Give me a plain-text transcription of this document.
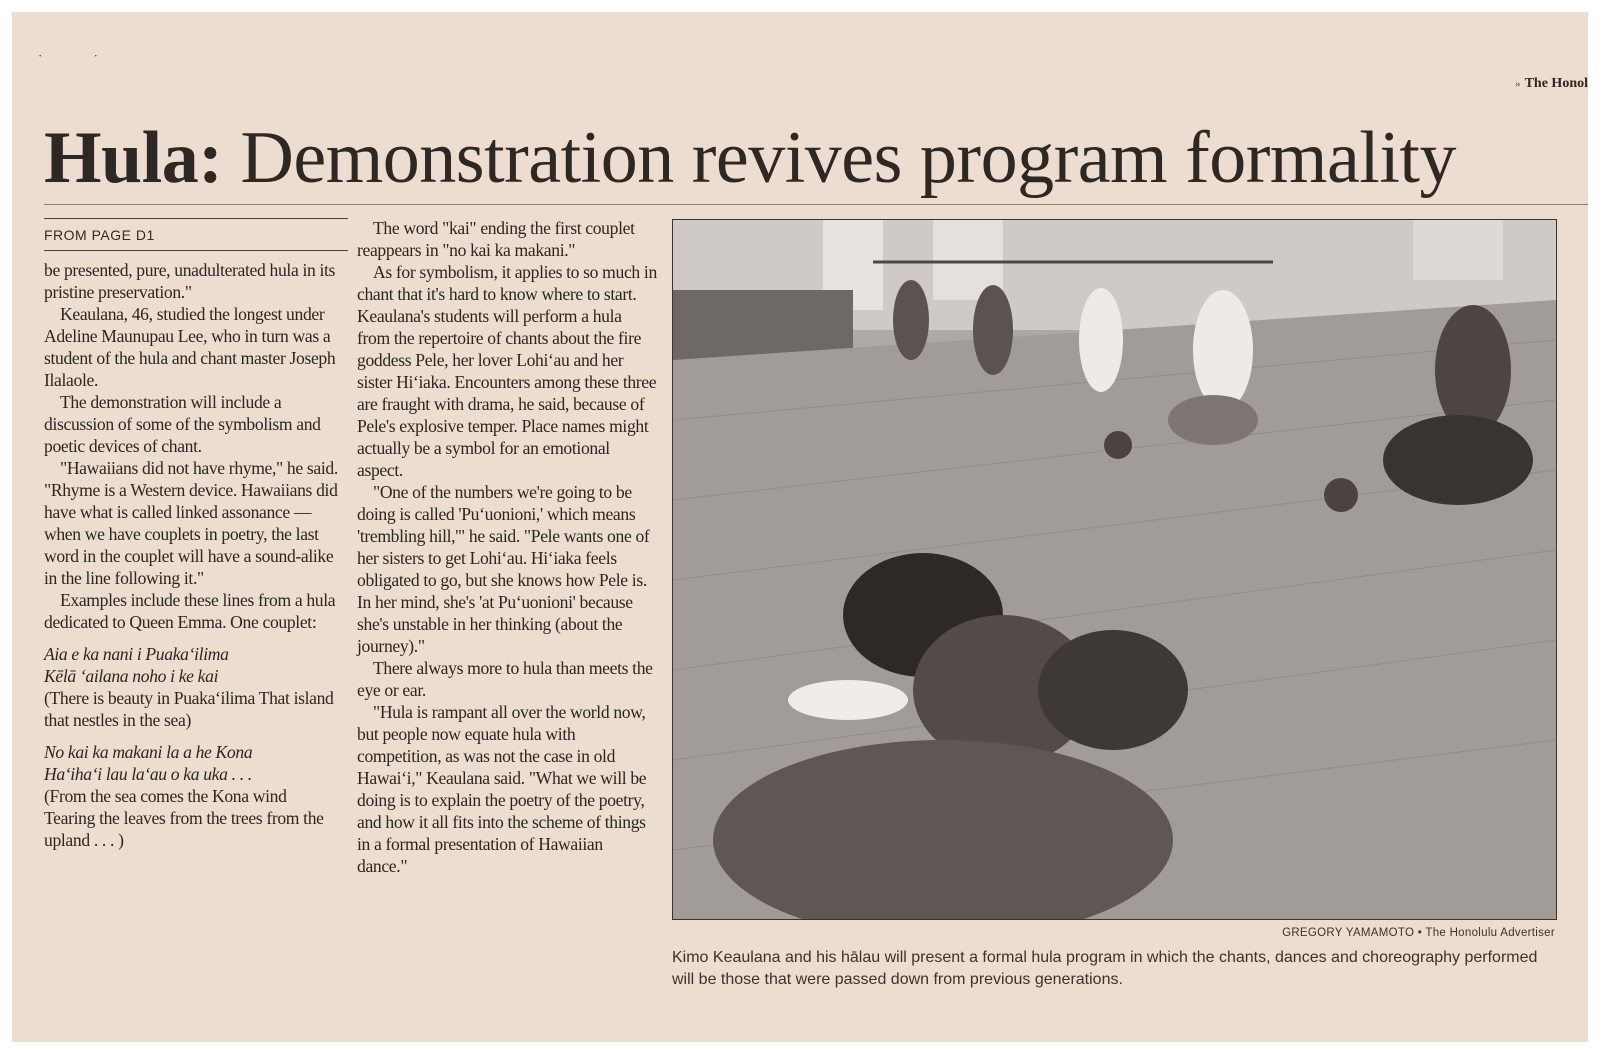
· ·
» The Honol
Hula: Demonstration revives program formality
FROM PAGE D1

be presented, pure, unadulterated hula in its pristine preservation."

Keaulana, 46, studied the longest under Adeline Maunupau Lee, who in turn was a student of the hula and chant master Joseph Ilalaole.

The demonstration will include a discussion of some of the symbolism and poetic devices of chant.

"Hawaiians did not have rhyme," he said. "Rhyme is a Western device. Hawaiians did have what is called linked assonance — when we have couplets in poetry, the last word in the couplet will have a sound-alike in the line following it."

Examples include these lines from a hula dedicated to Queen Emma. One couplet:

Aia e ka nani i Puakaʻilima
Kēlā ʻailana noho i ke kai
(There is beauty in Puakaʻilima That island that nestles in the sea)
No kai ka makani la a he Kona
Haʻihaʻi lau laʻau o ka uka . . .
(From the sea comes the Kona wind
Tearing the leaves from the trees from the upland . . . )

The word "kai" ending the first couplet reappears in "no kai ka makani."

As for symbolism, it applies to so much in chant that it's hard to know where to start. Keaulana's students will perform a hula from the repertoire of chants about the fire goddess Pele, her lover Lohiʻau and her sister Hiʻiaka. Encounters among these three are fraught with drama, he said, because of Pele's explosive temper. Place names might actually be a symbol for an emotional aspect.

"One of the numbers we're going to be doing is called 'Puʻuonioni,' which means 'trembling hill,'" he said. "Pele wants one of her sisters to get Lohiʻau. Hiʻiaka feels obligated to go, but she knows how Pele is. In her mind, she's 'at Puʻuonioni' because she's unstable in her thinking (about the journey)."

There always more to hula than meets the eye or ear.

"Hula is rampant all over the world now, but people now equate hula with competition, as was not the case in old Hawaiʻi," Keaulana said. "What we will be doing is to explain the poetry of the poetry, and how it all fits into the scheme of things in a formal presentation of Hawaiian dance."

GREGORY YAMAMOTO • The Honolulu Advertiser
Kimo Keaulana and his hālau will present a formal hula program in which the chants, dances and choreography performed will be those that were passed down from previous generations.
